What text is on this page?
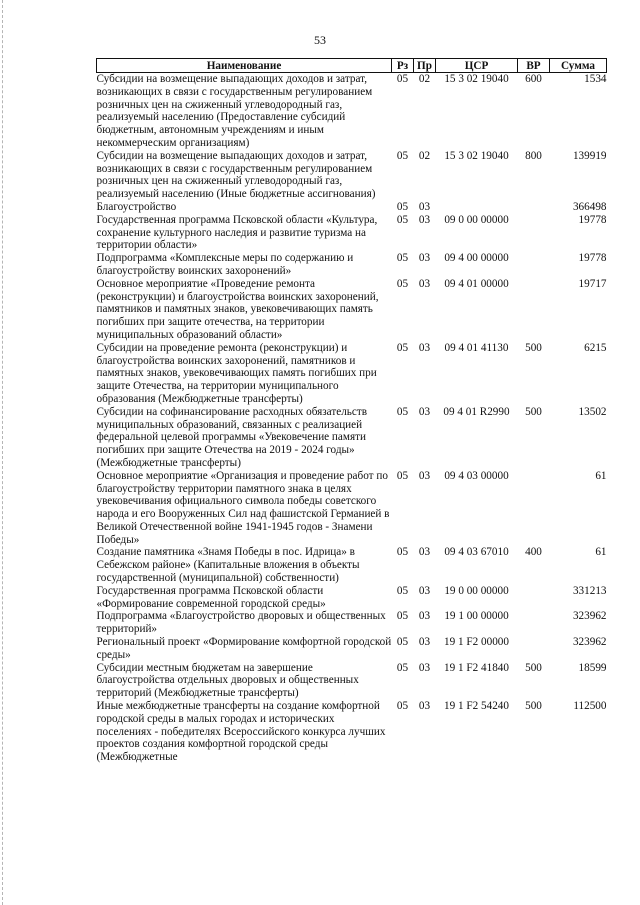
53
Наименование	Рз	Пр	ЦСР	ВР	Сумма
Субсидии на возмещение выпадающих доходов и затрат, возникающих в связи с государственным регулированием розничных цен на сжиженный углеводородный газ, реализуемый населению (Предоставление субсидий бюджетным, автономным учреждениям и иным некоммерческим организациям)	05	02	15 3 02 19040	600	1534
Субсидии на возмещение выпадающих доходов и затрат, возникающих в связи с государственным регулированием розничных цен на сжиженный углеводородный газ, реализуемый населению (Иные бюджетные ассигнования)	05	02	15 3 02 19040	800	139919
Благоустройство	05	03			366498
Государственная программа Псковской области «Культура, сохранение культурного наследия и развитие туризма на территории области»	05	03	09 0 00 00000		19778
Подпрограмма «Комплексные меры по содержанию и благоустройству воинских захоронений»	05	03	09 4 00 00000		19778
Основное мероприятие «Проведение ремонта (реконструкции) и благоустройства воинских захоронений, памятников и памятных знаков, увековечивающих память погибших при защите отечества, на территории муниципальных образований области»	05	03	09 4 01 00000		19717
Субсидии на проведение ремонта (реконструкции) и благоустройства воинских захоронений, памятников и памятных знаков, увековечивающих память погибших при защите Отечества, на территории муниципального образования (Межбюджетные трансферты)	05	03	09 4 01 41130	500	6215
Субсидии на софинансирование расходных обязательств муниципальных образований, связанных с реализацией федеральной целевой программы «Увековечение памяти погибших при защите Отечества на 2019 - 2024 годы» (Межбюджетные трансферты)	05	03	09 4 01 R2990	500	13502
Основное мероприятие «Организация и проведение работ по благоустройству территории памятного знака в целях увековечивания официального символа победы советского народа и его Вооруженных Сил над фашистской Германией в Великой Отечественной войне 1941-1945 годов - Знамени Победы»	05	03	09 4 03 00000		61
Создание памятника «Знамя Победы в пос. Идрица» в Себежском районе» (Капитальные вложения в объекты государственной (муниципальной) собственности)	05	03	09 4 03 67010	400	61
Государственная программа Псковской области «Формирование современной городской среды»	05	03	19 0 00 00000		331213
Подпрограмма «Благоустройство дворовых и общественных территорий»	05	03	19 1 00 00000		323962
Региональный проект «Формирование комфортной городской среды»	05	03	19 1 F2 00000		323962
Субсидии местным бюджетам на завершение благоустройства отдельных дворовых и общественных территорий (Межбюджетные трансферты)	05	03	19 1 F2 41840	500	18599
Иные межбюджетные трансферты на создание комфортной городской среды в малых городах и исторических поселениях - победителях Всероссийского конкурса лучших проектов создания комфортной городской среды (Межбюджетные	05	03	19 1 F2 54240	500	112500
